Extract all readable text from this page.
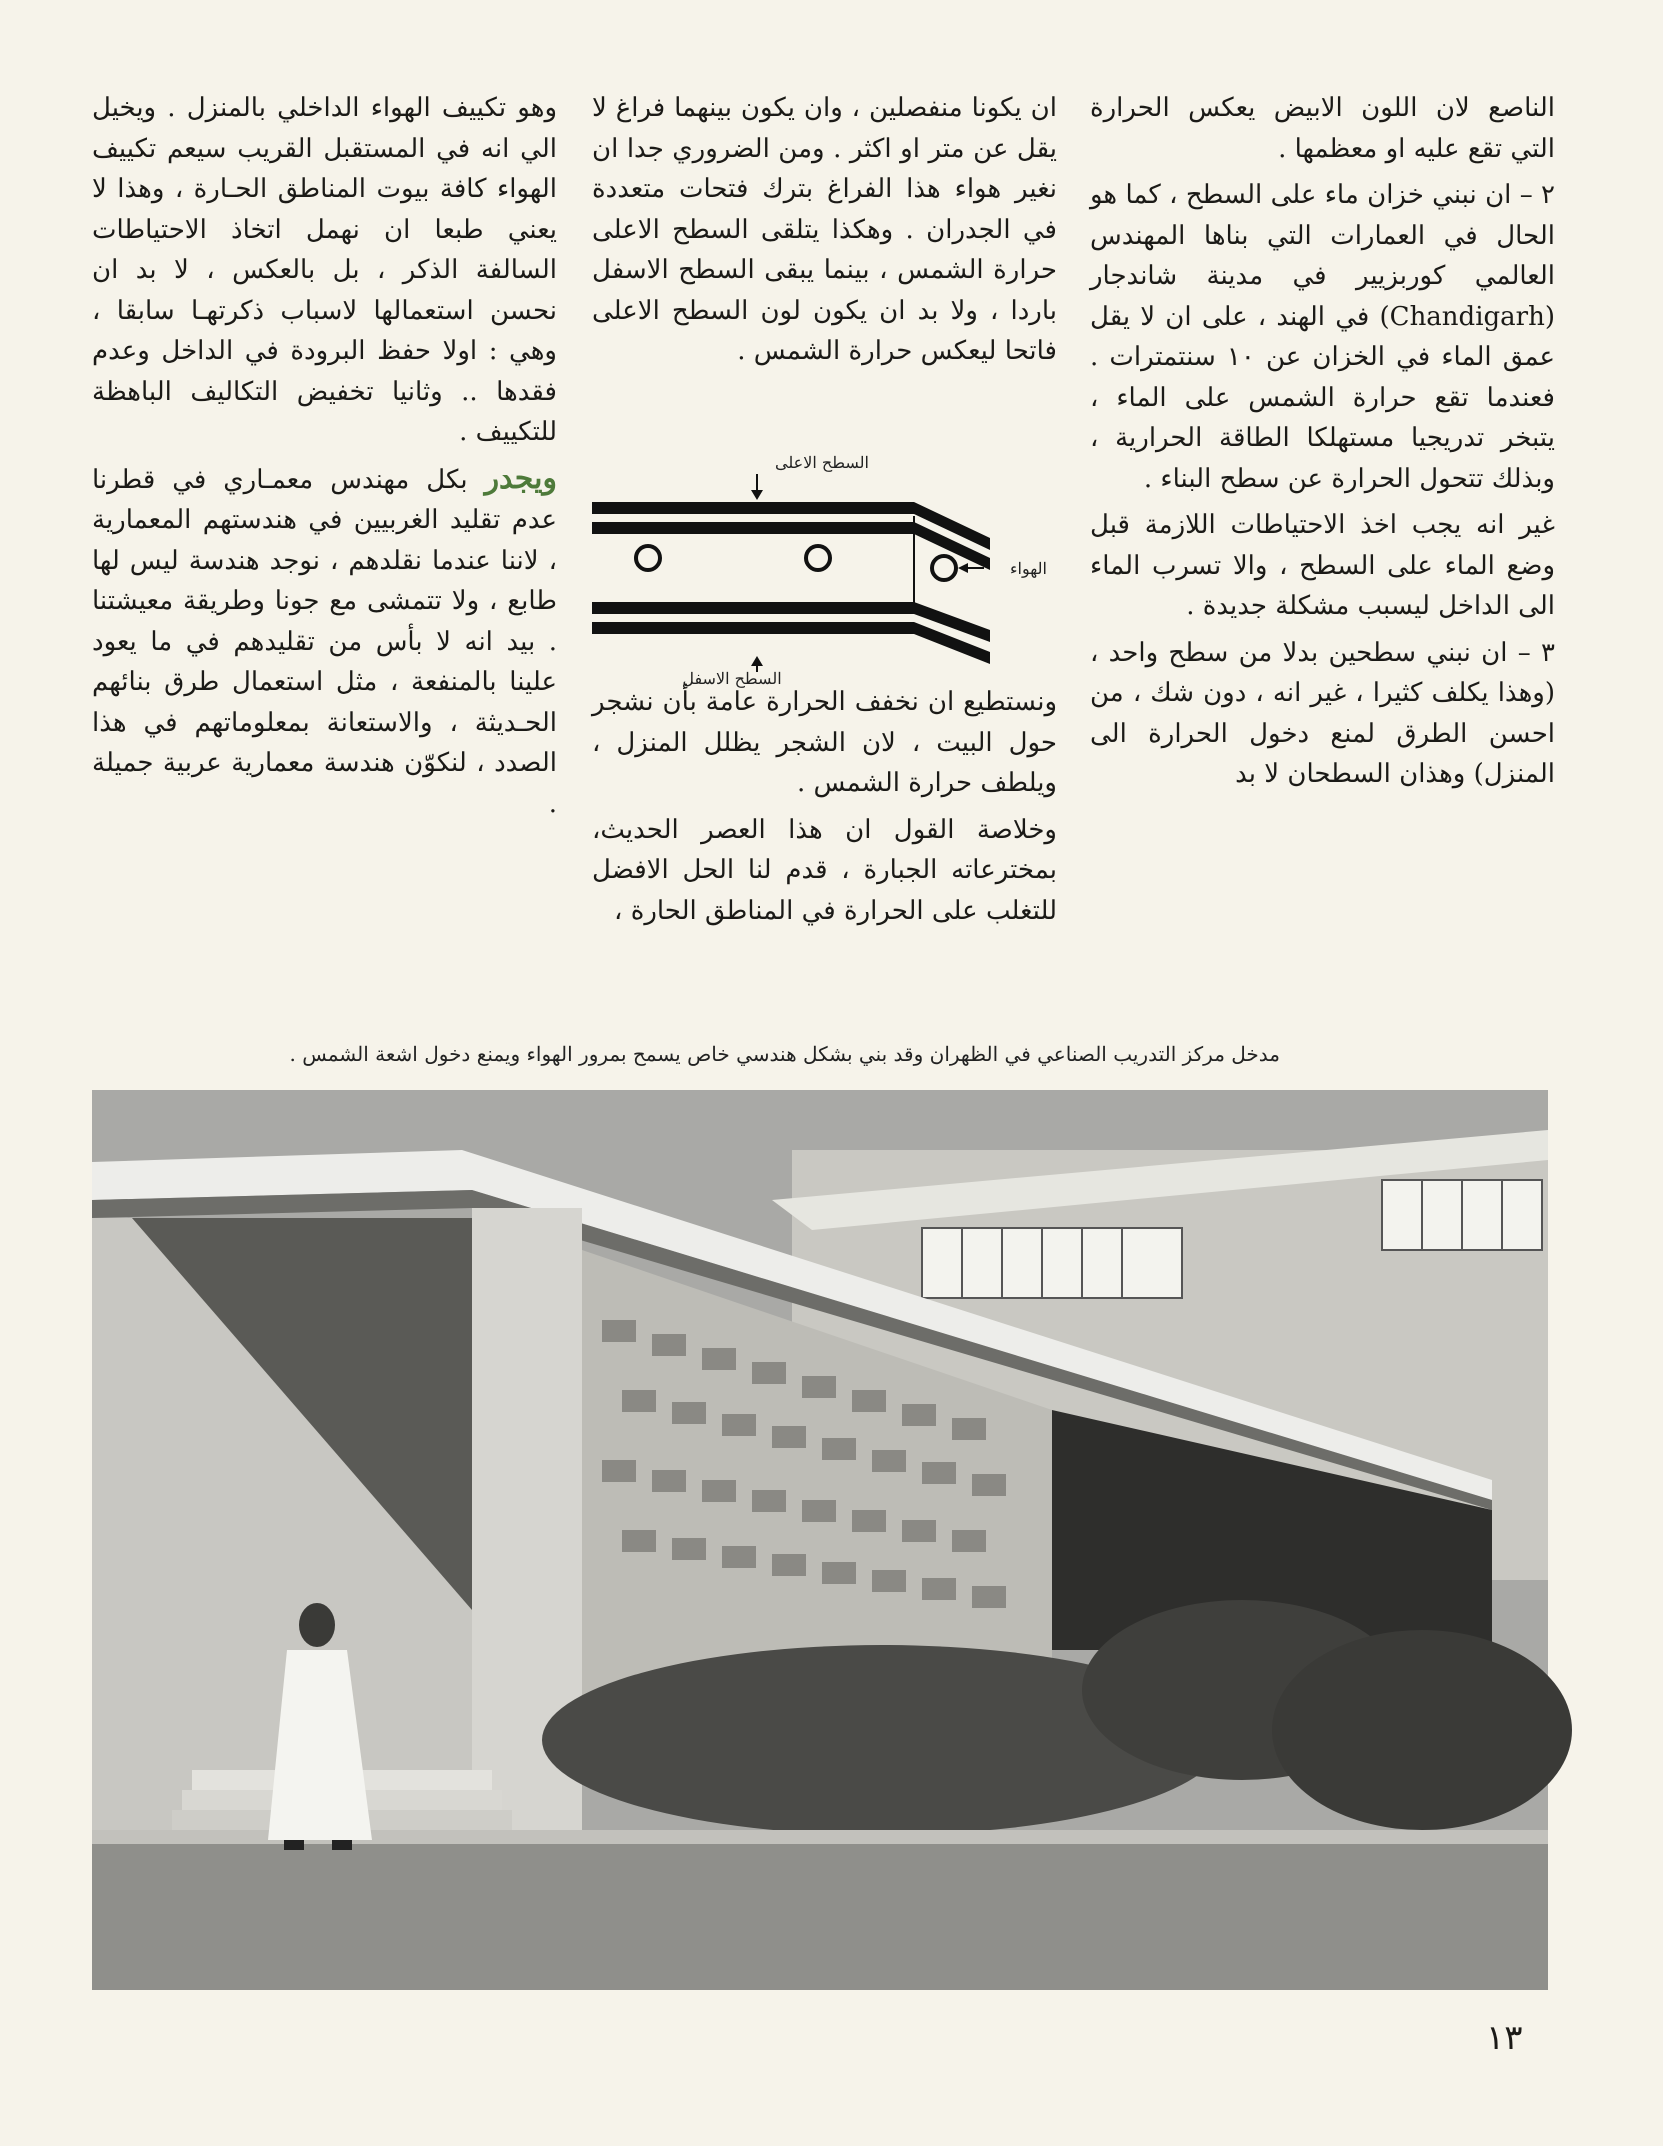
الناصع لان اللون الابيض يعكس الحرارة التي تقع عليه او معظمها .

٢ – ان نبني خزان ماء على السطح ، كما هو الحال في العمارات التي بناها المهندس العالمي كوربزيير في مدينة شاندجار (Chandigarh) في الهند ، على ان لا يقل عمق الماء في الخزان عن ١٠ سنتمترات . فعندما تقع حرارة الشمس على الماء ، يتبخر تدريجيا مستهلكا الطاقة الحرارية ، وبذلك تتحول الحرارة عن سطح البناء .

غير انه يجب اخذ الاحتياطات اللازمة قبل وضع الماء على السطح ، والا تسرب الماء الى الداخل ليسبب مشكلة جديدة .

٣ – ان نبني سطحين بدلا من سطح واحد ، (وهذا يكلف كثيرا ، غير انه ، دون شك ، من احسن الطرق لمنع دخول الحرارة الى المنزل) وهذان السطحان لا بد

ان يكونا منفصلين ، وان يكون بينهما فراغ لا يقل عن متر او اكثر . ومن الضروري جدا ان نغير هواء هذا الفراغ بترك فتحات متعددة في الجدران . وهكذا يتلقى السطح الاعلى حرارة الشمس ، بينما يبقى السطح الاسفل باردا ، ولا بد ان يكون لون السطح الاعلى فاتحا ليعكس حرارة الشمس .

السطح الاعلى
الهواء
السطح الاسفل

ونستطيع ان نخفف الحرارة عامة بأن نشجر حول البيت ، لان الشجر يظلل المنزل ، ويلطف حرارة الشمس .

وخلاصة القول ان هذا العصر الحديث، بمخترعاته الجبارة ، قدم لنا الحل الافضل للتغلب على الحرارة في المناطق الحارة ،

وهو تكييف الهواء الداخلي بالمنزل . ويخيل الي انه في المستقبل القريب سيعم تكييف الهواء كافة بيوت المناطق الحـارة ، وهذا لا يعني طبعا ان نهمل اتخاذ الاحتياطات السالفة الذكر ، بل بالعكس ، لا بد ان نحسن استعمالها لاسباب ذكرتهـا سابقا ، وهي : اولا حفظ البرودة في الداخل وعدم فقدها .. وثانيا تخفيض التكاليف الباهظة للتكييف .

ويجدر بكل مهندس معمـاري في قطرنا عدم تقليد الغربيين في هندستهم المعمارية ، لاننا عندما نقلدهم ، نوجد هندسة ليس لها طابع ، ولا تتمشى مع جونا وطريقة معيشتنا . بيد انه لا بأس من تقليدهم في ما يعود علينا بالمنفعة ، مثل استعمال طرق بنائهم الحـديثة ، والاستعانة بمعلوماتهم في هذا الصدد ، لنكوّن هندسة معمارية عربية جميلة .

مدخل مركز التدريب الصناعي في الظهران وقد بني بشكل هندسي خاص يسمح بمرور الهواء ويمنع دخول اشعة الشمس .
١٣
